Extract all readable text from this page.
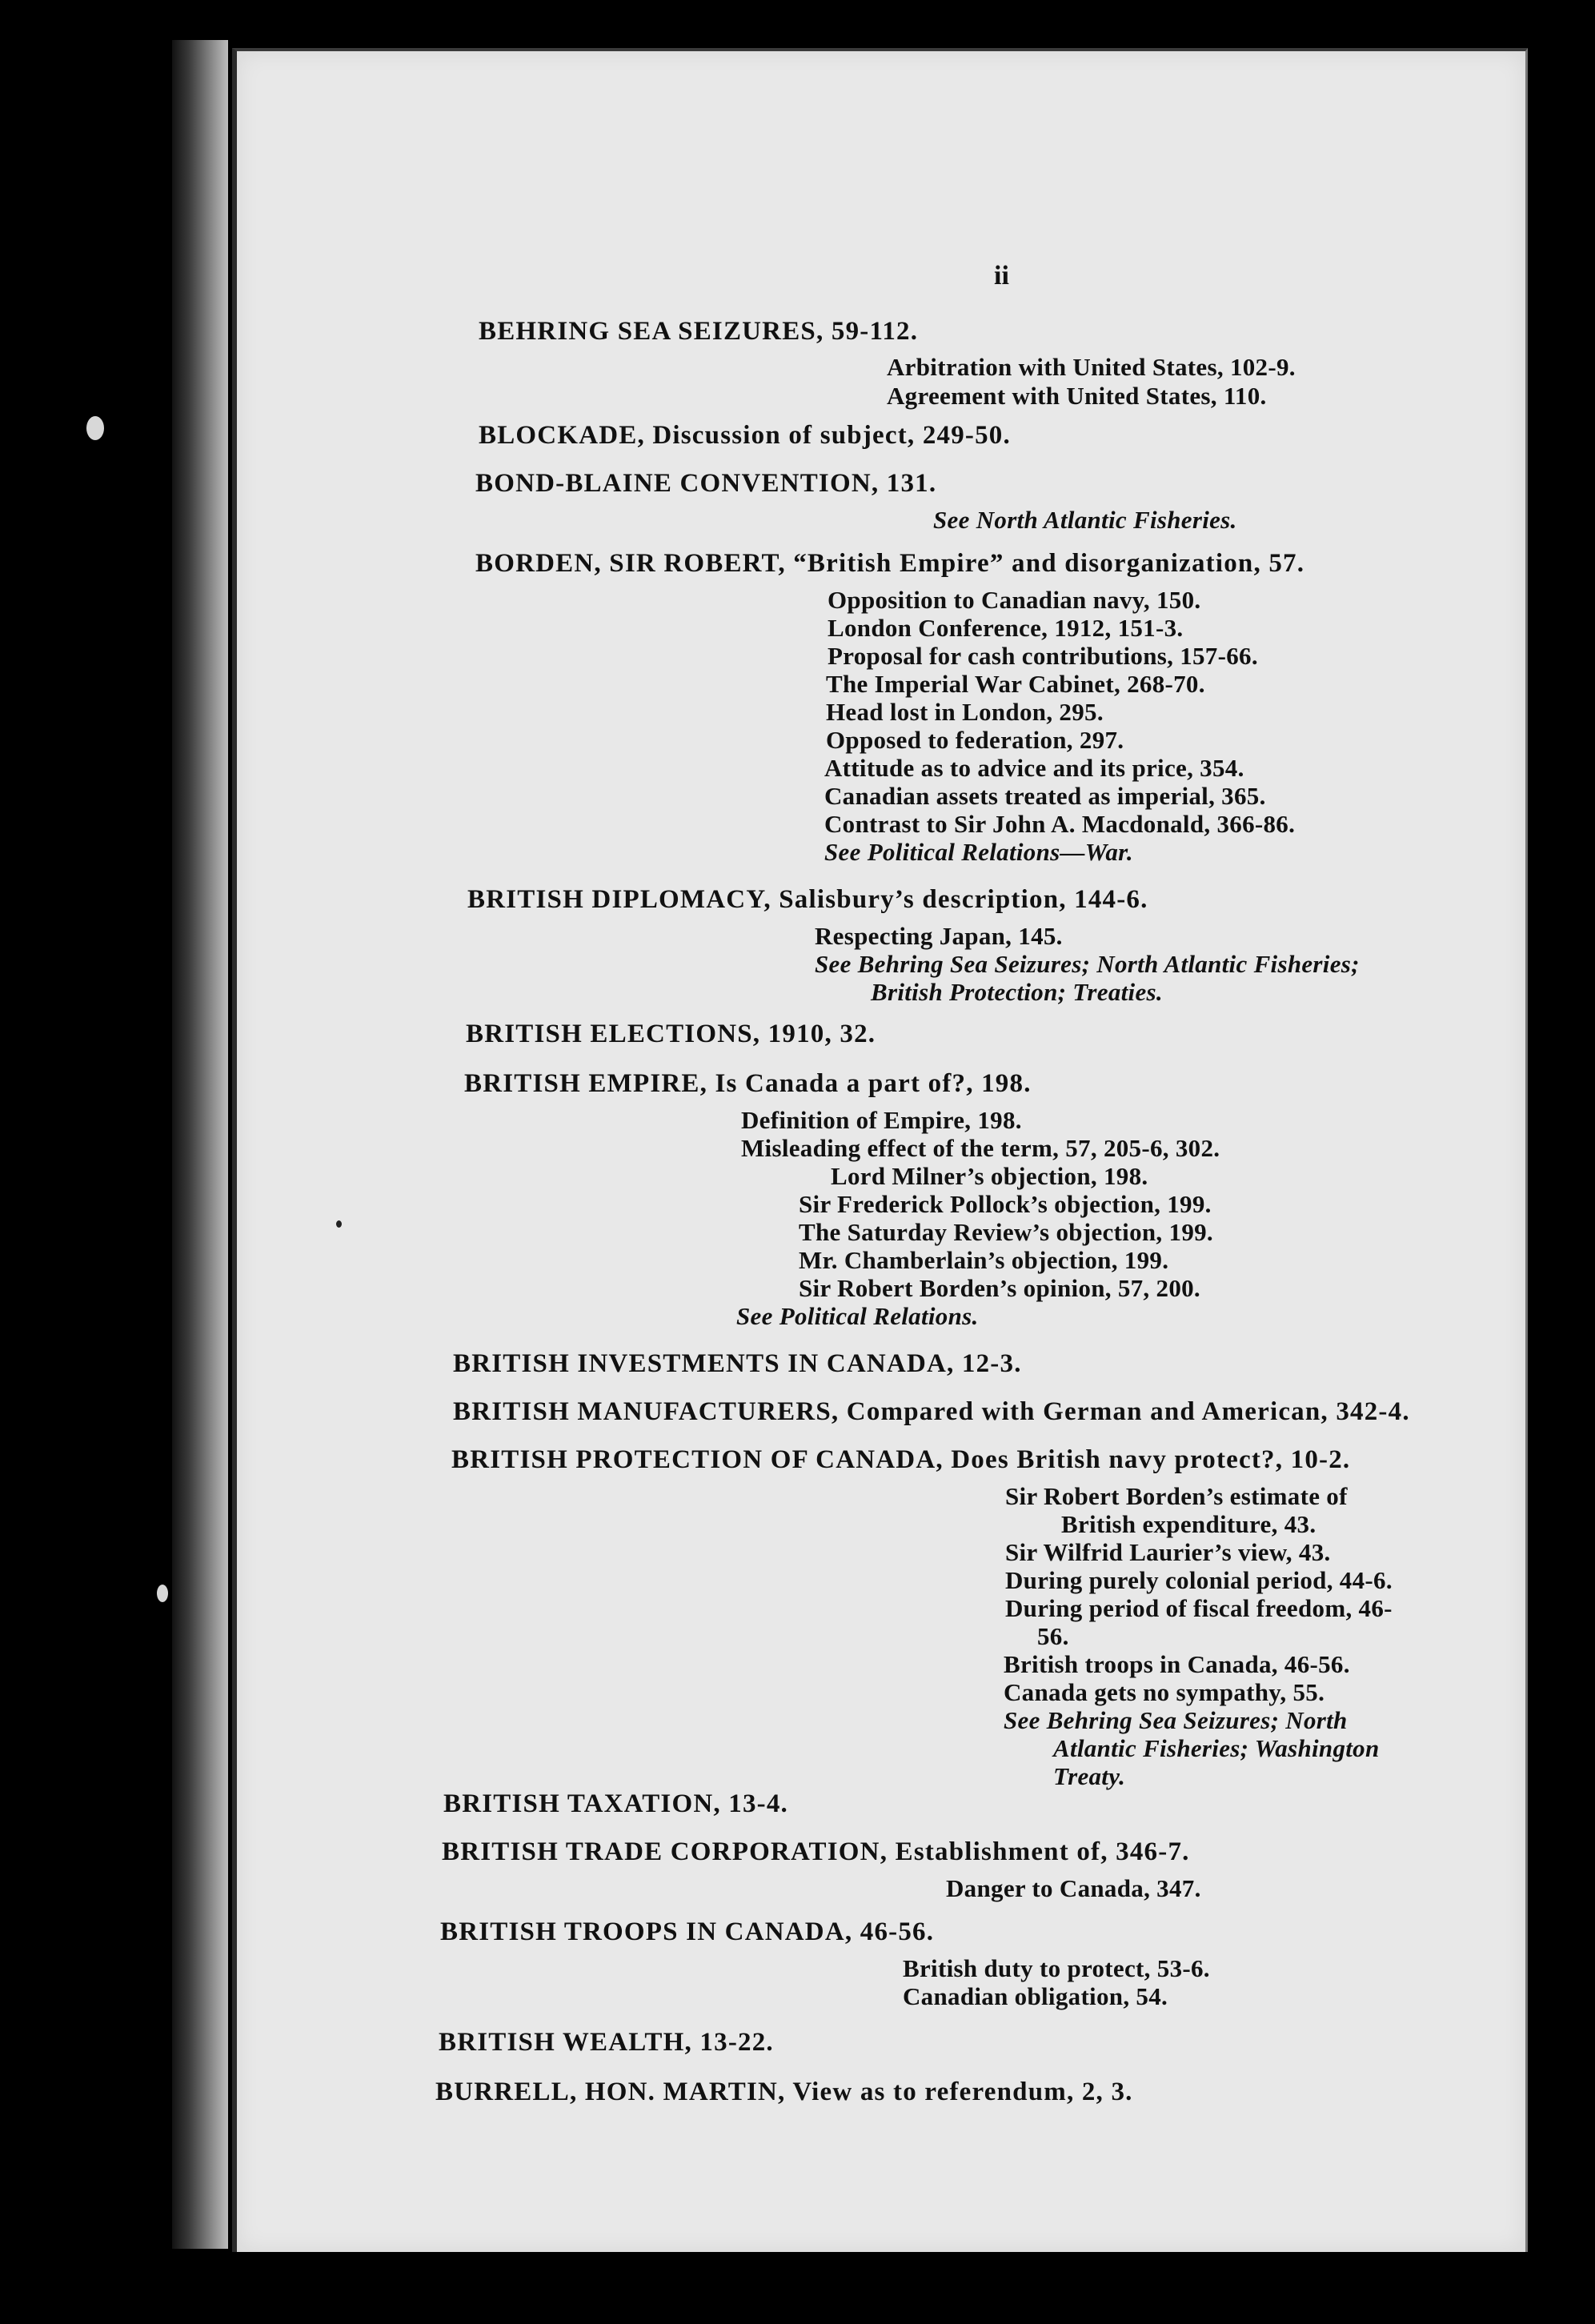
ii
BEHRING SEA SEIZURES, 59-112.
Arbitration with United States, 102-9.
Agreement with United States, 110.
BLOCKADE, Discussion of subject, 249-50.
BOND-BLAINE CONVENTION, 131.
See North Atlantic Fisheries.
BORDEN, SIR ROBERT, “British Empire” and disorganization, 57.
Opposition to Canadian navy, 150.
London Conference, 1912, 151-3.
Proposal for cash contributions, 157-66.
The Imperial War Cabinet, 268-70.
Head lost in London, 295.
Opposed to federation, 297.
Attitude as to advice and its price, 354.
Canadian assets treated as imperial, 365.
Contrast to Sir John A. Macdonald, 366-86.
See Political Relations—War.
BRITISH DIPLOMACY, Salisbury’s description, 144-6.
Respecting Japan, 145.
See Behring Sea Seizures; North Atlantic Fisheries;
British Protection; Treaties.
BRITISH ELECTIONS, 1910, 32.
BRITISH EMPIRE, Is Canada a part of?, 198.
Definition of Empire, 198.
Misleading effect of the term, 57, 205-6, 302.
Lord Milner’s objection, 198.
Sir Frederick Pollock’s objection, 199.
The Saturday Review’s objection, 199.
Mr. Chamberlain’s objection, 199.
Sir Robert Borden’s opinion, 57, 200.
See Political Relations.
BRITISH INVESTMENTS IN CANADA, 12-3.
BRITISH MANUFACTURERS, Compared with German and American, 342-4.
BRITISH PROTECTION OF CANADA, Does British navy protect?, 10-2.
Sir Robert Borden’s estimate of
British expenditure, 43.
Sir Wilfrid Laurier’s view, 43.
During purely colonial period, 44-6.
During period of fiscal freedom, 46-
56.
British troops in Canada, 46-56.
Canada gets no sympathy, 55.
See Behring Sea Seizures; North
Atlantic Fisheries; Washington
Treaty.
BRITISH TAXATION, 13-4.
BRITISH TRADE CORPORATION, Establishment of, 346-7.
Danger to Canada, 347.
BRITISH TROOPS IN CANADA, 46-56.
British duty to protect, 53-6.
Canadian obligation, 54.
BRITISH WEALTH, 13-22.
BURRELL, HON. MARTIN, View as to referendum, 2, 3.
